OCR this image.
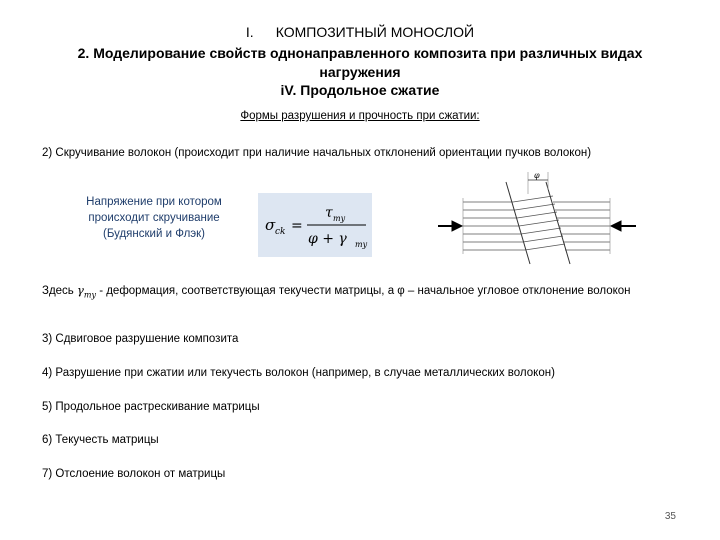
I. КОМПОЗИТНЫЙ МОНОСЛОЙ
2. Моделирование свойств однонаправленного композита при различных видах нагружения
iV. Продольное сжатие
Формы разрушения и прочность при сжатии:
2) Скручивание волокон (происходит при наличие начальных отклонений ориентации пучков волокон)
Напряжение при котором происходит скручивание (Будянский и Флэк)	σ ck =
τ my
φ + γ my
φ
Здесь $\gamma_{my}$ - деформация, соответствующая текучести матрицы, а φ – начальное угловое отклонение волокон
3) Сдвиговое разрушение композита
4) Разрушение при сжатии или текучесть волокон (например, в случае металлических волокон)
5) Продольное растрескивание матрицы
6) Текучесть матрицы
7) Отслоение волокон от матрицы
35
